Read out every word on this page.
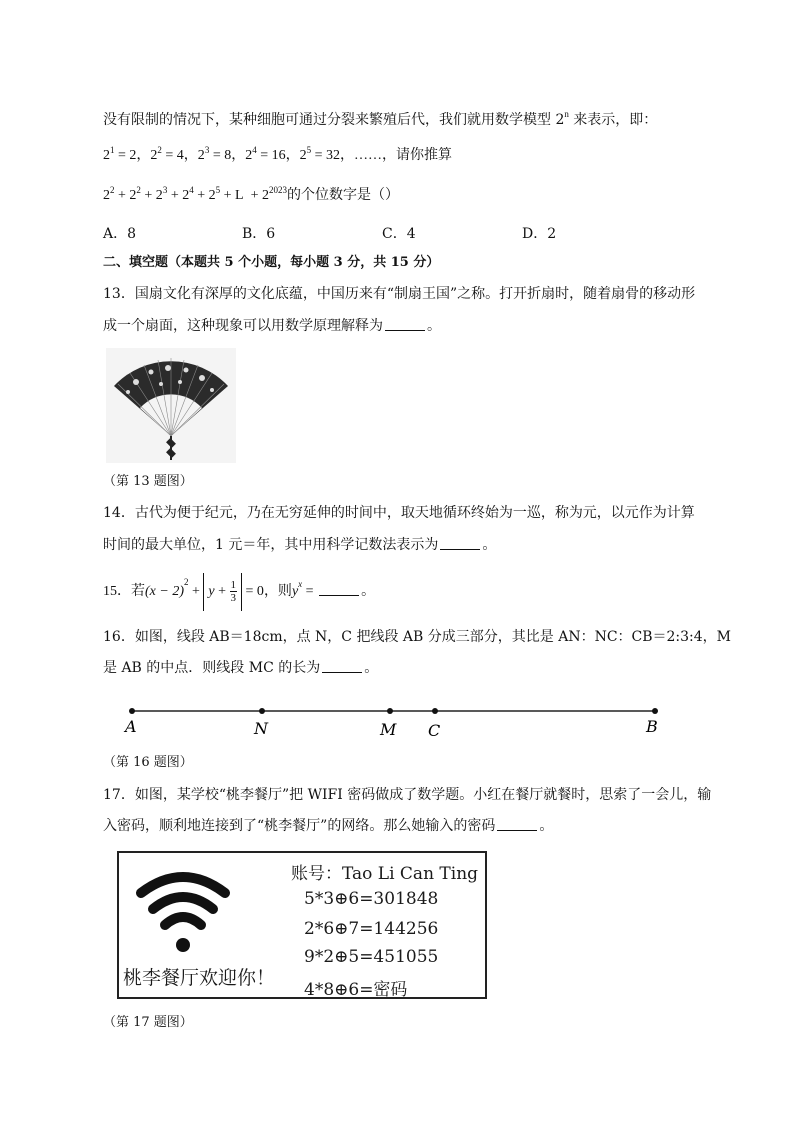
没有限制的情况下，某种细胞可通过分裂来繁殖后代，我们就用数学模型 2$^n$ 来表示，即：
$2^1 = 2$，$2^2 = 4$，$2^3 = 8$，$2^4 = 16$，$2^5 = 32$，……，请你推算
$2^2 + 2^2 + 2^3 + 2^4 + 2^5 + L + 2^{2023}$的个位数字是（）
A．8	B．6	C．4	D．2
二、填空题（本题共 5 个小题，每小题 3 分，共 15 分）
13．国扇文化有深厚的文化底蕴，中国历来有“制扇王国”之称。打开折扇时，随着扇骨的移动形
成一个扇面，这种现象可以用数学原理解释为	。
（第 13 题图）
14．古代为便于纪元，乃在无穷延伸的时间中，取天地循环终始为一巡，称为元，以元作为计算
时间的最大单位，1 元＝年，其中用科学记数法表示为	。
15．若$(x - 2)^2 + y + \frac{1}{3} = 0$，则$y^x$ =	。
16．如图，线段 AB＝18cm，点 N，C 把线段 AB 分成三部分，其比是 AN：NC：CB＝2:3:4，M
是 AB 的中点．则线段 MC 的长为	。
A	N	M C	B
（第 16 题图）
17．如图，某学校“桃李餐厅”把 WIFI 密码做成了数学题。小红在餐厅就餐时，思索了一会儿，输
入密码，顺利地连接到了“桃李餐厅”的网络。那么她输入的密码	。
桃李餐厅欢迎你！
账号：Tao Li Can Ting
5*3⊕6=301848
2*6⊕7=144256
9*2⊕5=451055
4*8⊕6=密码
（第 17 题图）
